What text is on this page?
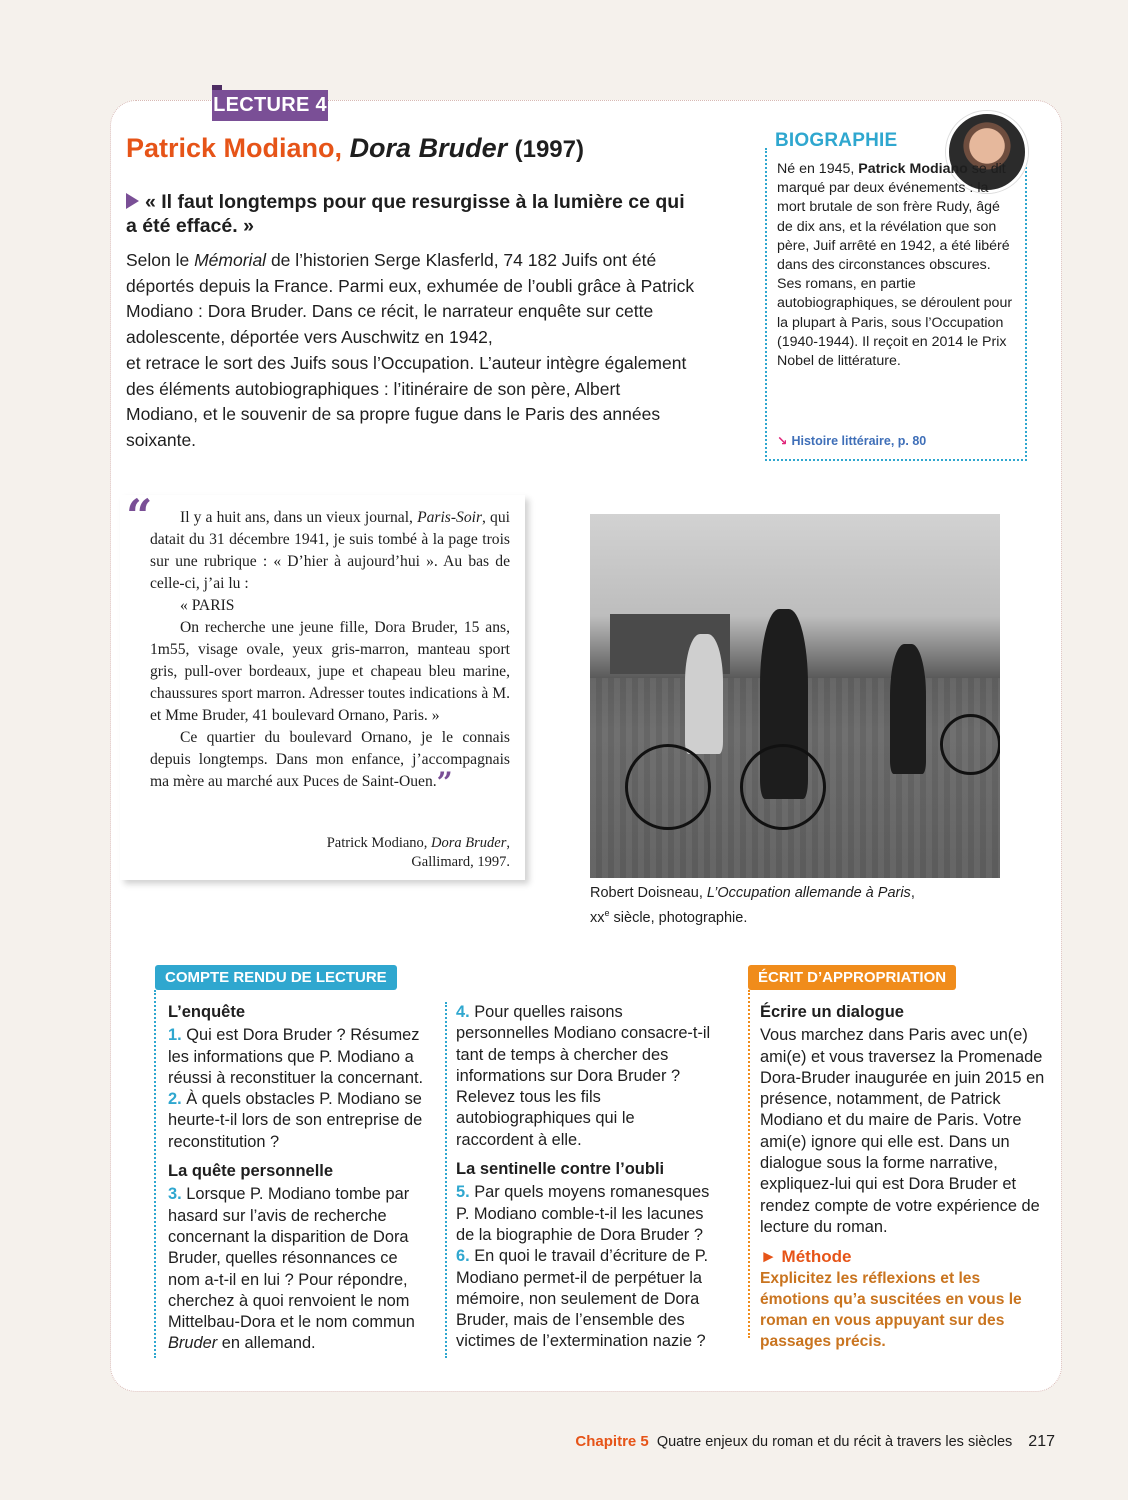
LECTURE 4
Patrick Modiano, Dora Bruder (1997)
« Il faut longtemps pour que resurgisse à la lumière ce qui a été effacé. »

Selon le Mémorial de l’historien Serge Klasferld, 74 182 Juifs ont été déportés depuis la France. Parmi eux, exhumée de l’oubli grâce à Patrick Modiano : Dora Bruder. Dans ce récit, le narrateur enquête sur cette adolescente, déportée vers Auschwitz en 1942,

et retrace le sort des Juifs sous l’Occupation. L’auteur intègre également des éléments autobiographiques : l’itinéraire de son père, Albert Modiano, et le souvenir de sa propre fugue dans le Paris des années soixante.

BIOGRAPHIE

Né en 1945, Patrick Modiano se dit marqué par deux événements : la mort brutale de son frère Rudy, âgé de dix ans, et la révélation que son père, Juif arrêté en 1942, a été libéré dans des circonstances obscures.

Ses romans, en partie autobiographiques, se déroulent pour la plupart à Paris, sous l’Occupation (1940-1944). Il reçoit en 2014 le Prix Nobel de littérature.

↘ Histoire littéraire, p. 80
“	Il y a huit ans, dans un vieux journal, Paris-Soir, qui datait du 31 décembre 1941, je suis tombé à la page trois sur une rubrique : « D’hier à aujourd’hui ». Au bas de celle-ci, j’ai lu :

« PARIS

On recherche une jeune fille, Dora Bruder, 15 ans, 1m55, visage ovale, yeux gris-marron, manteau sport gris, pull-over bordeaux, jupe et chapeau bleu marine, chaussures sport marron. Adresser toutes indications à M. et Mme Bruder, 41 boulevard Ornano, Paris. »

Ce quartier du boulevard Ornano, je le connais depuis longtemps. Dans mon enfance, j’accompagnais ma mère au marché aux Puces de Saint-Ouen.”

Patrick Modiano, Dora Bruder,
Gallimard, 1997.
Robert Doisneau, L’Occupation allemande à Paris,
$xx^e$ siècle, photographie.
COMPTE RENDU DE LECTURE
L’enquête

1. Qui est Dora Bruder ? Résumez les informations que P. Modiano a réussi à reconstituer la concernant.

2. À quels obstacles P. Modiano se heurte-t-il lors de son entreprise de reconstitution ?

La quête personnelle

3. Lorsque P. Modiano tombe par hasard sur l’avis de recherche concernant la disparition de Dora Bruder, quelles résonnances ce nom a-t-il en lui ? Pour répondre, cherchez à quoi renvoient le nom Mittelbau-Dora et le nom commun Bruder en allemand.

4. Pour quelles raisons personnelles Modiano consacre-t-il tant de temps à chercher des informations sur Dora Bruder ? Relevez tous les fils autobiographiques qui le raccordent à elle.

La sentinelle contre l’oubli

5. Par quels moyens romanesques P. Modiano comble-t-il les lacunes de la biographie de Dora Bruder ?

6. En quoi le travail d’écriture de P. Modiano permet-il de perpétuer la mémoire, non seulement de Dora Bruder, mais de l’ensemble des victimes de l’extermination nazie ?

ÉCRIT D’APPROPRIATION
Écrire un dialogue

Vous marchez dans Paris avec un(e) ami(e) et vous traversez la Promenade Dora-Bruder inaugurée en juin 2015 en présence, notamment, de Patrick Modiano et du maire de Paris. Votre ami(e) ignore qui elle est. Dans un dialogue sous la forme narrative, expliquez-lui qui est Dora Bruder et rendez compte de votre expérience de lecture du roman.

► Méthode

Explicitez les réflexions et les émotions qu’a suscitées en vous le roman en vous appuyant sur des passages précis.

Chapitre 5 Quatre enjeux du roman et du récit à travers les siècles 217
